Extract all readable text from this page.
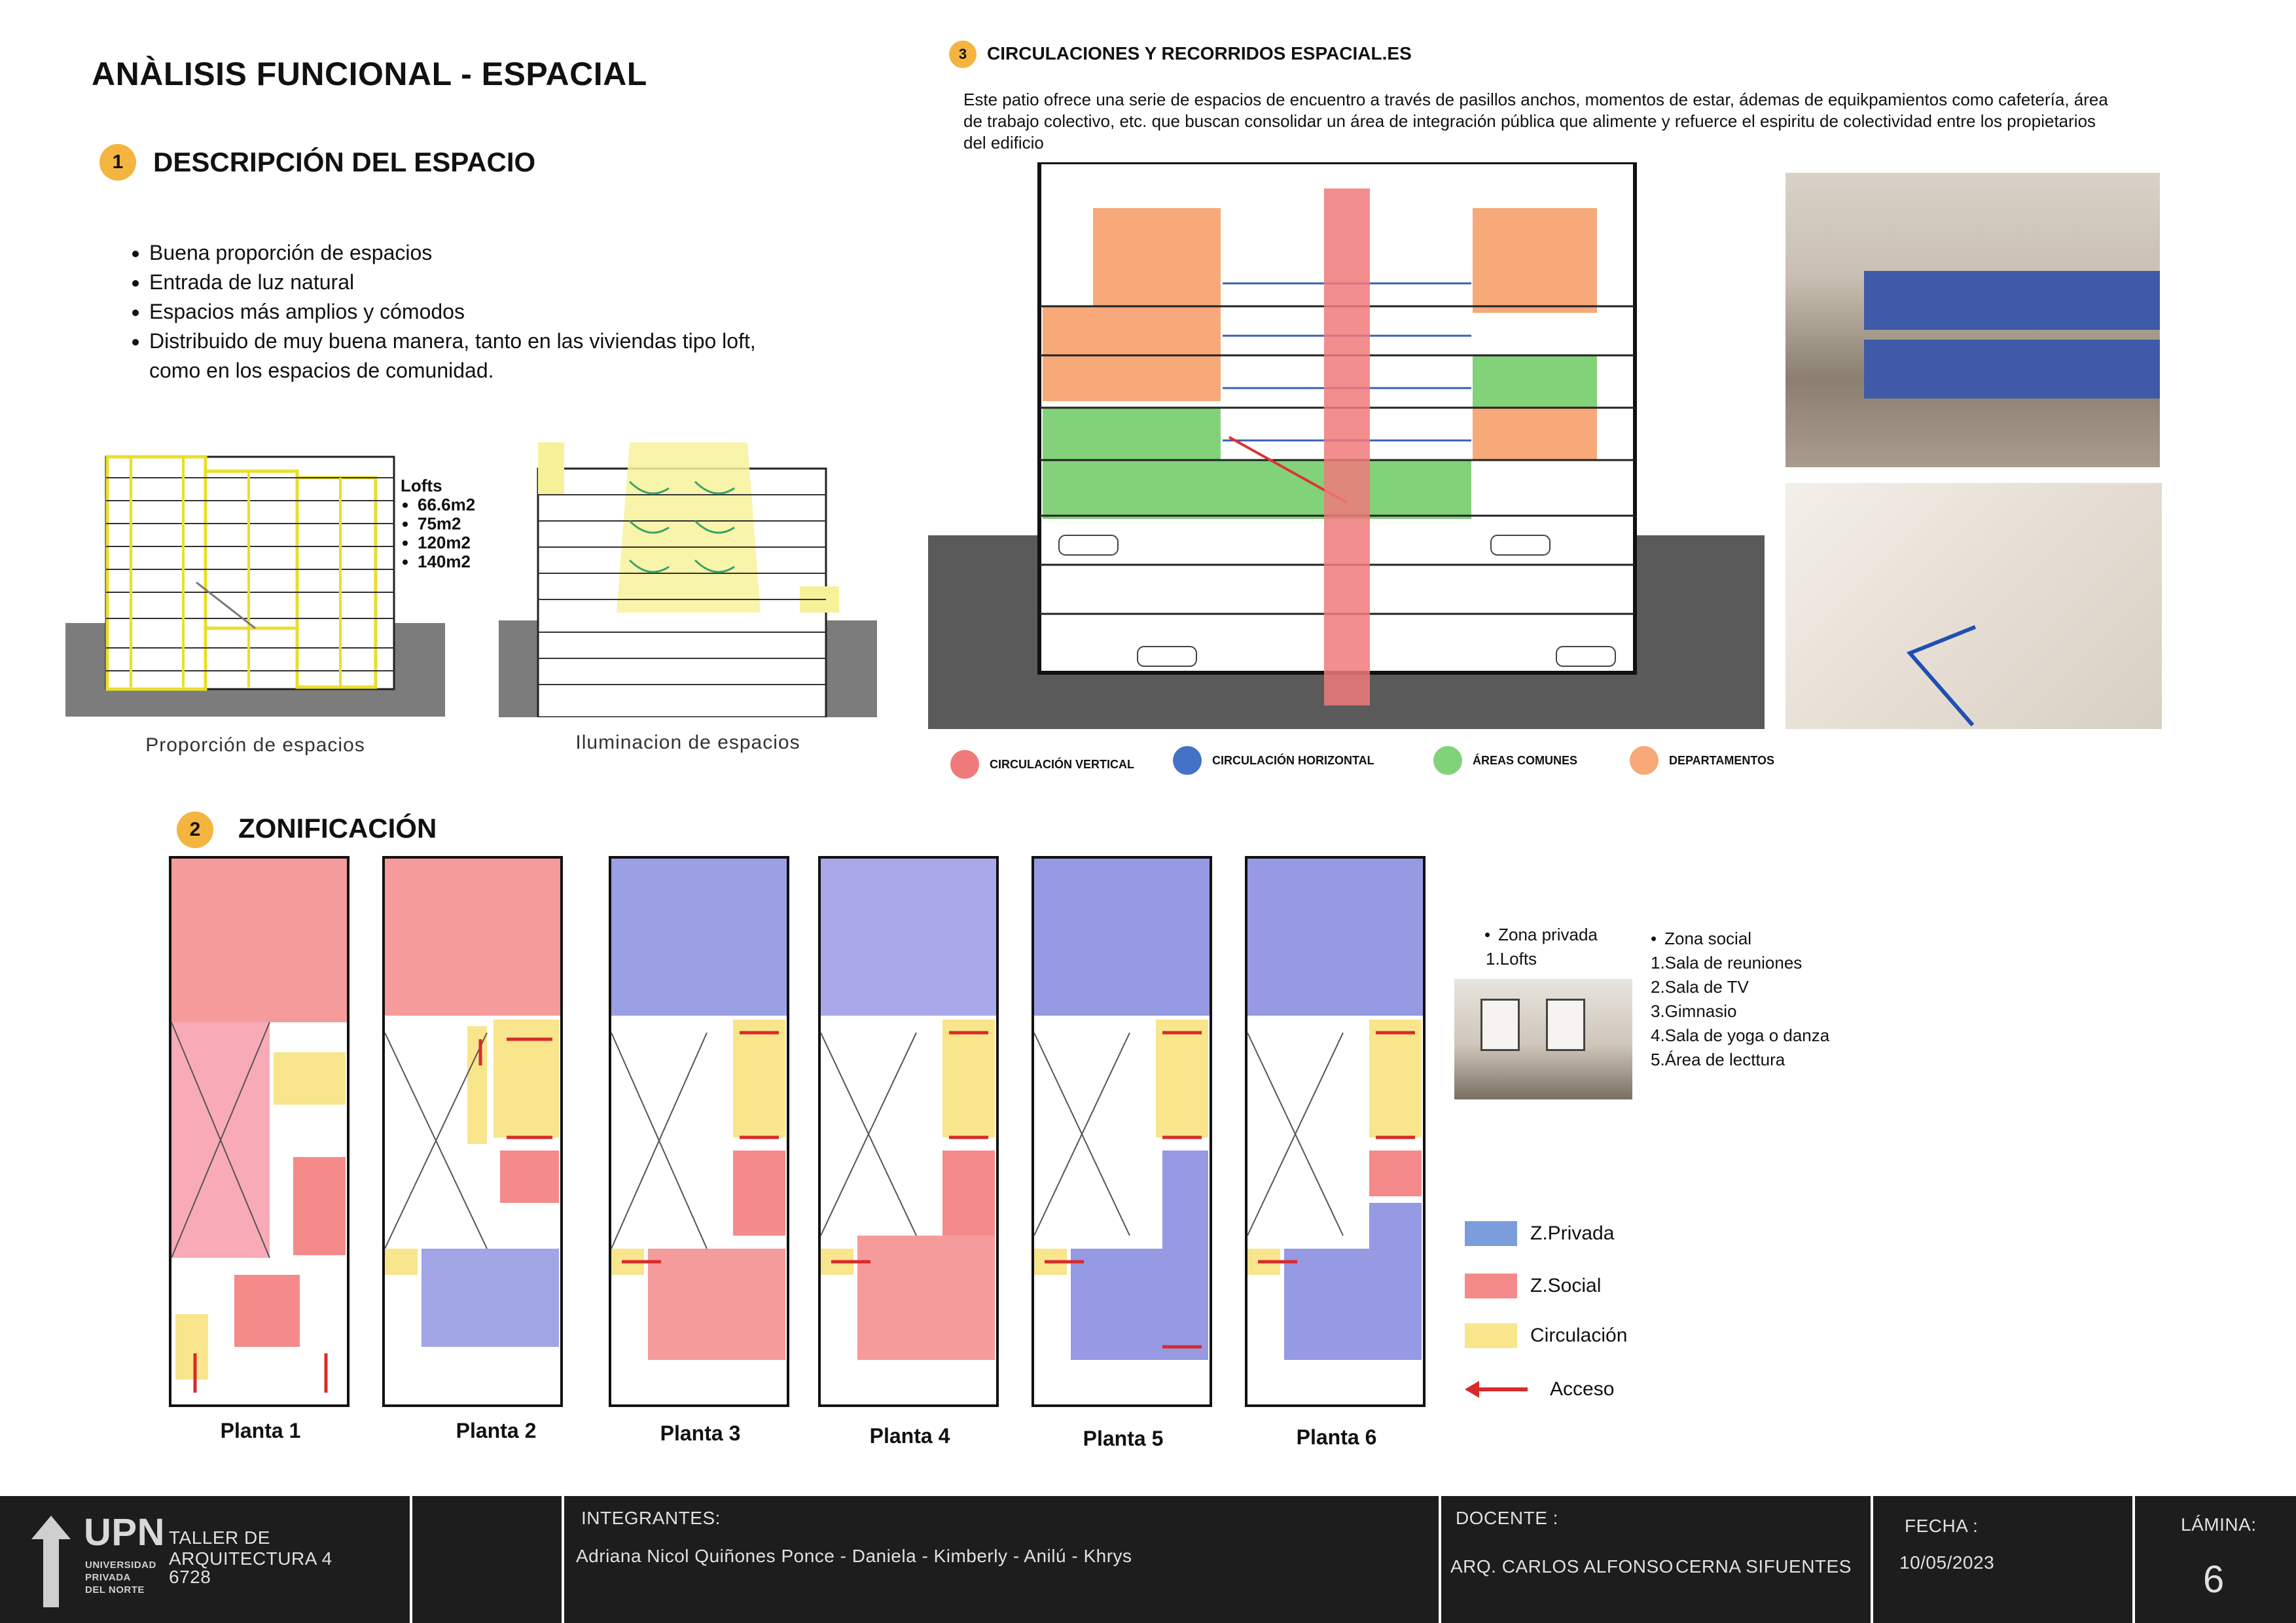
ANÀLISIS FUNCIONAL - ESPACIAL
1	DESCRIPCIÓN DEL ESPACIO
• Buena proporción de espacios
• Entrada de luz natural
• Espacios más amplios y cómodos
• Distribuido de muy buena manera, tanto en las viviendas tipo loft, como en los espacios de comunidad.
Lofts
• 66.6m2
• 75m2
• 120m2
• 140m2
Proporción de espacios	Iluminacion de espacios
3	CIRCULACIONES Y RECORRIDOS ESPACIAL.ES
Este patio ofrece una serie de espacios de encuentro a través de pasillos anchos, momentos de estar, ádemas de equikpamientos como cafetería, área de trabajo colectivo, etc. que buscan consolidar un área de integración pública que alimente y refuerce el espiritu de colectividad entre los propietarios del edificio
CIRCULACIÓN VERTICAL	CIRCULACIÓN HORIZONTAL	ÁREAS COMUNES	DEPARTAMENTOS
2	ZONIFICACIÓN
Planta 1	Planta 2	Planta 3	Planta 4	Planta 5	Planta 6
• Zona privada
1.Lofts
• Zona social
1.Sala de reuniones
2.Sala de TV
3.Gimnasio
4.Sala de yoga o danza
5.Área de lecttura
Z.Privada
Z.Social
Circulación
Acceso
UPN
UNIVERSIDAD
PRIVADA
DEL NORTE
TALLER DE ARQUITECTURA 4
6728
INTEGRANTES:
Adriana Nicol Quiñones Ponce - Daniela - Kimberly - Anilú - Khrys
DOCENTE :
ARQ. CARLOS ALFONSO CERNA SIFUENTES
FECHA :
10/05/2023
LÁMINA:
6
